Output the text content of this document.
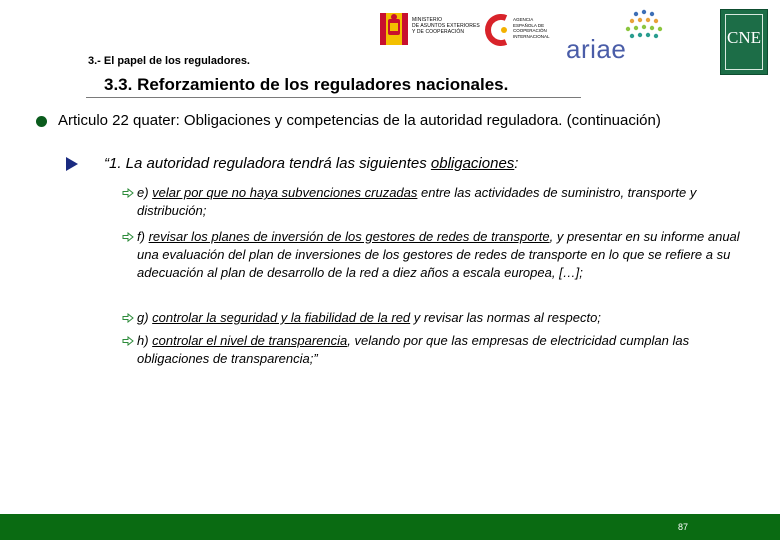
MINISTERIO
DE ASUNTOS EXTERIORES
Y DE COOPERACIÓN
AGENCIA
ESPAÑOLA DE
COOPERACIÓN
INTERNACIONAL ariae	CNE
3.- El papel de los reguladores.
3.3. Reforzamiento de los reguladores nacionales.
Articulo 22 quater: Obligaciones y competencias de la autoridad reguladora. (continuación)
“1. La autoridad reguladora tendrá las siguientes obligaciones:
e) velar por que no haya subvenciones cruzadas entre las actividades de suministro, transporte y distribución;
f) revisar los planes de inversión de los gestores de redes de transporte, y presentar en su informe anual una evaluación del plan de inversiones de los gestores de redes de transporte en lo que se refiere a su adecuación al plan de desarrollo de la red a diez años a escala europea, […];
g) controlar la seguridad y la fiabilidad de la red y revisar las normas al respecto;
h) controlar el nivel de transparencia, velando por que las empresas de electricidad cumplan las obligaciones de transparencia;”
87
